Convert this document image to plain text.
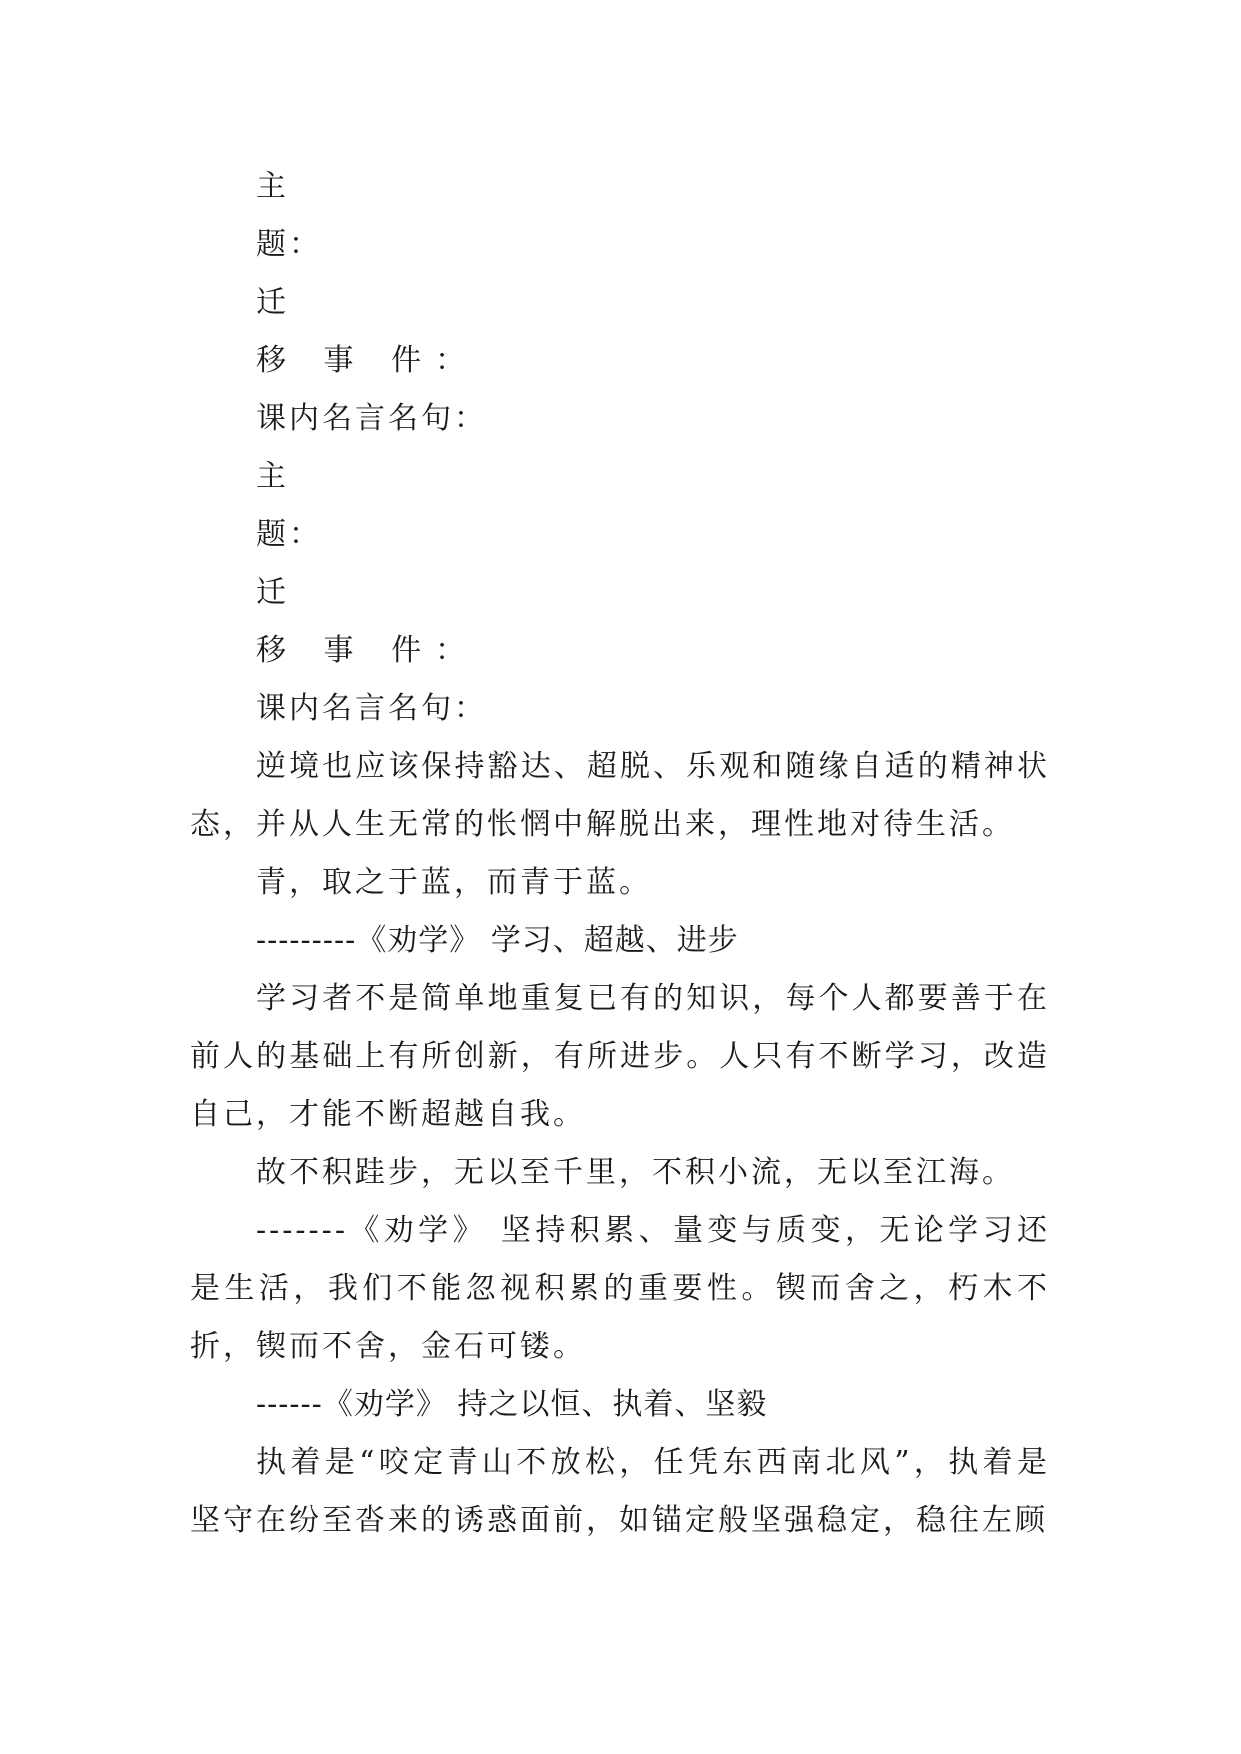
主
题：
迁
移 事 件：
课内名言名句：
主
题：
迁
移 事 件：
课内名言名句：

逆境也应该保持豁达、超脱、乐观和随缘自适的精神状态，并从人生无常的怅惘中解脱出来，理性地对待生活。

青，取之于蓝，而青于蓝。

---------《劝学》 学习、超越、进步

学习者不是简单地重复已有的知识，每个人都要善于在前人的基础上有所创新，有所进步。人只有不断学习，改造自己，才能不断超越自我。

故不积跬步，无以至千里，不积小流，无以至江海。

-------《劝学》 坚持积累、量变与质变，无论学习还是生活，我们不能忽视积累的重要性。锲而舍之，朽木不折，锲而不舍，金石可镂。

------《劝学》 持之以恒、执着、坚毅

执着是“咬定青山不放松，任凭东西南北风”，执着是坚守在纷至沓来的诱惑面前，如锚定般坚强稳定，稳往左顾
